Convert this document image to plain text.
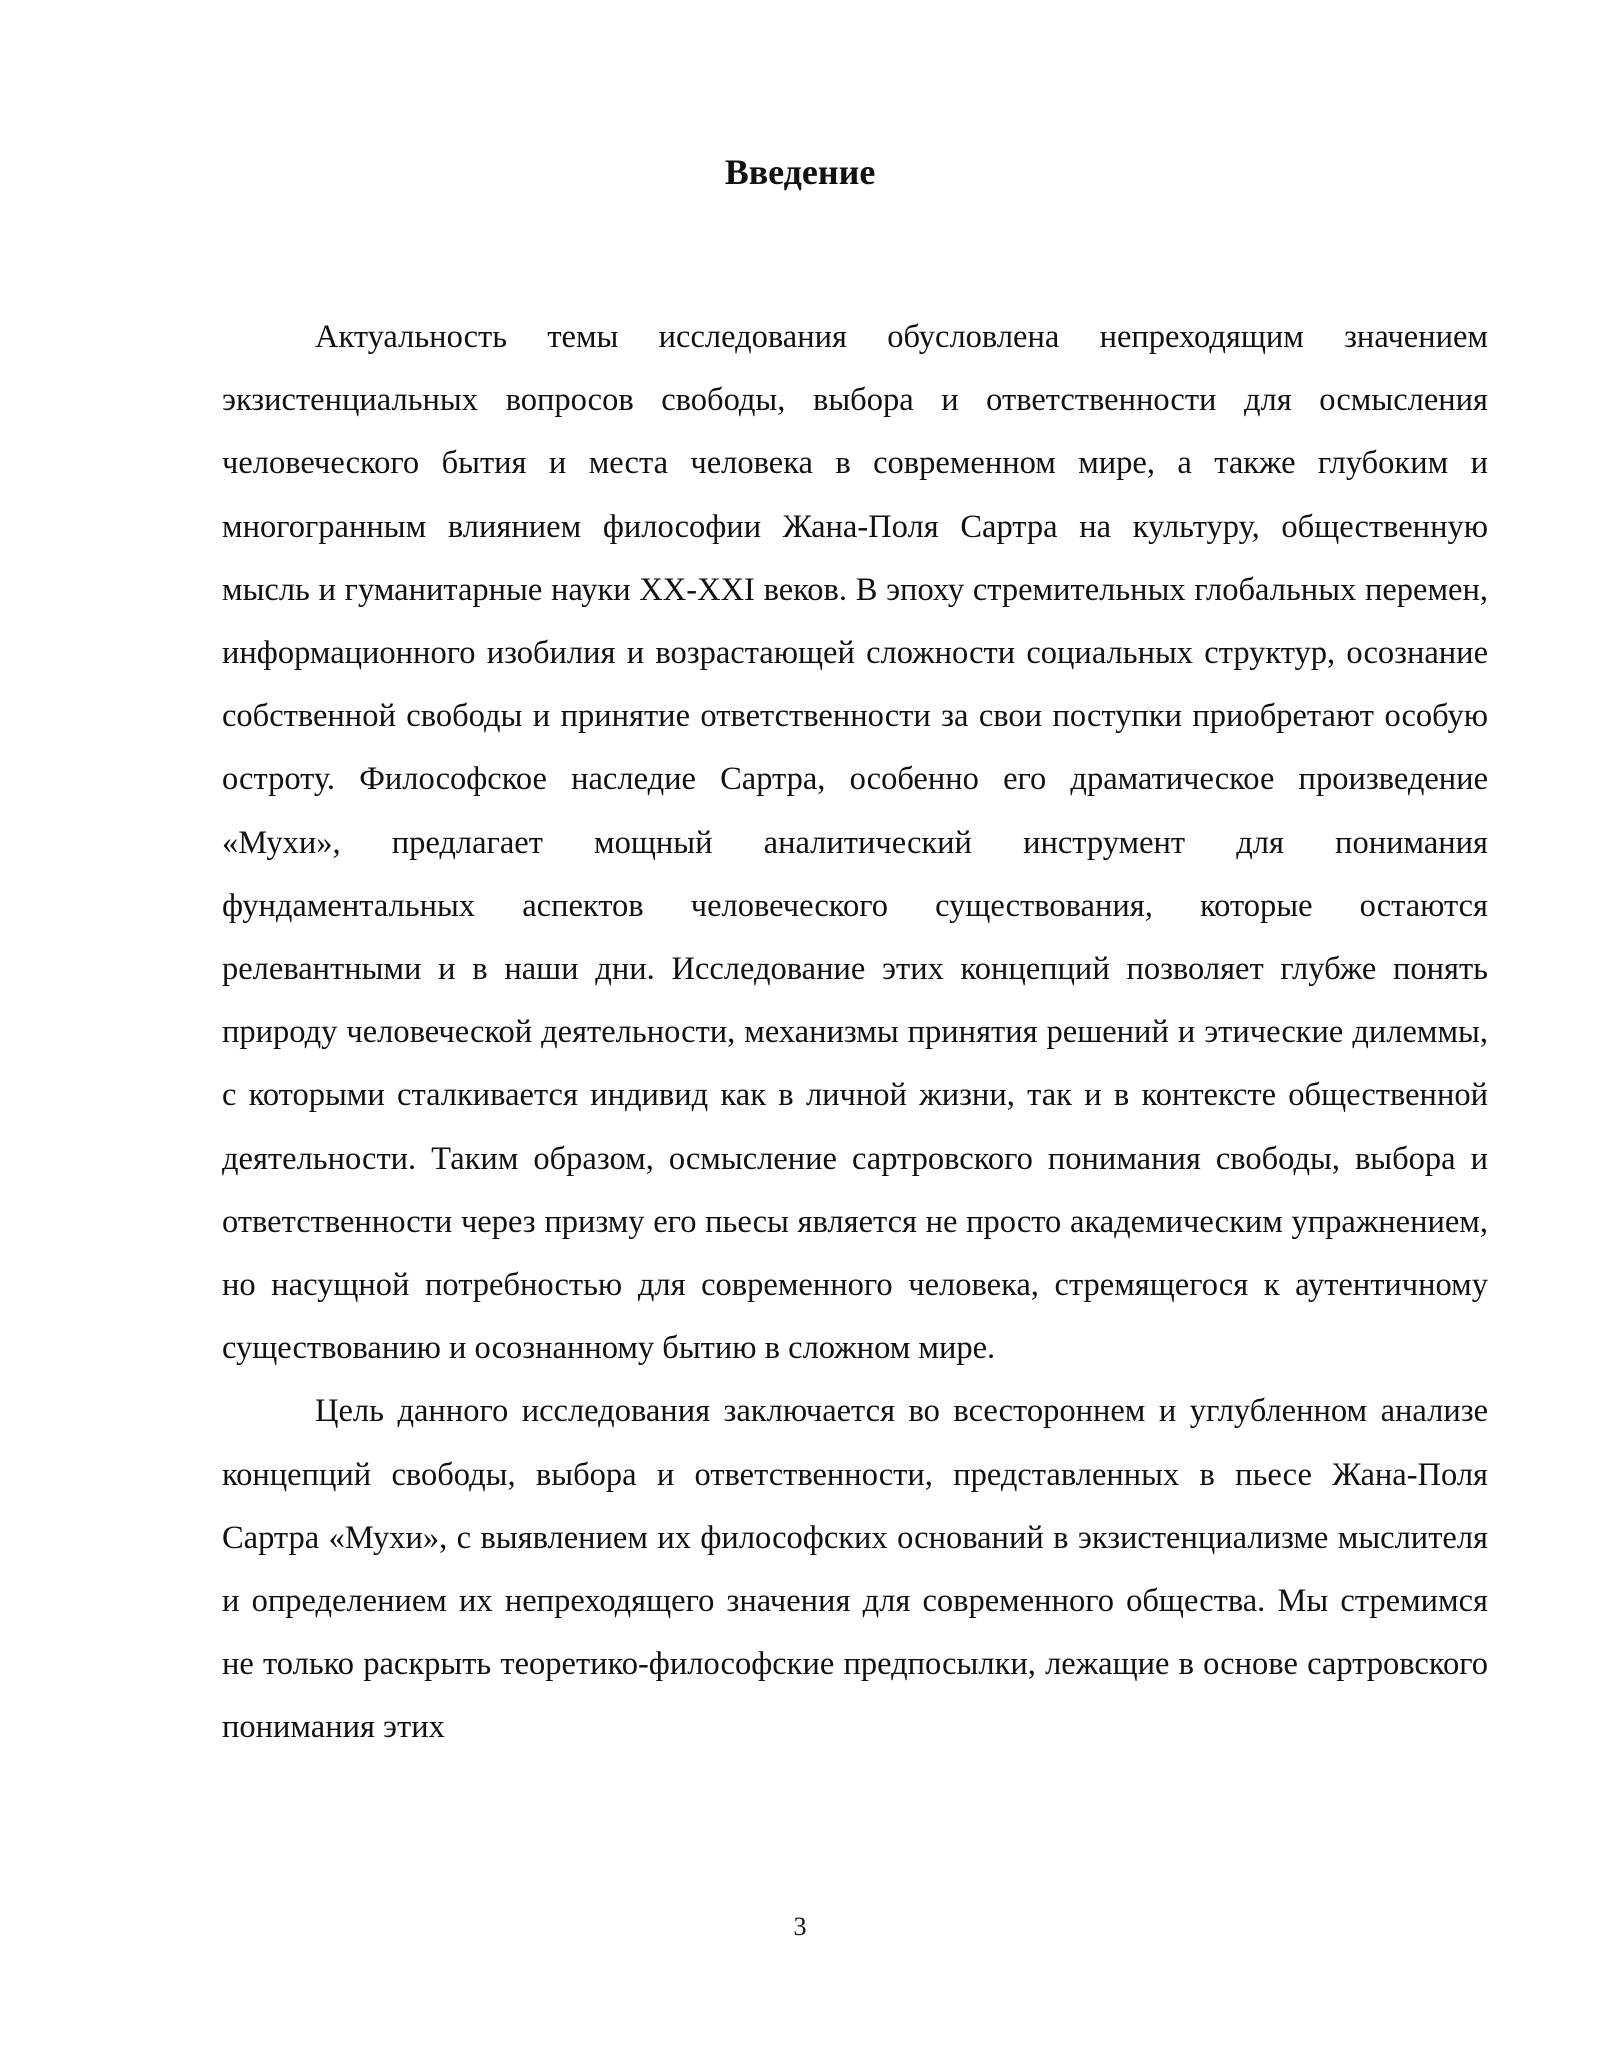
Введение

Актуальность темы исследования обусловлена непреходящим значением экзистенциальных вопросов свободы, выбора и ответственности для осмысления человеческого бытия и места человека в современном мире, а также глубоким и многогранным влиянием философии Жана-Поля Сартра на культуру, общественную мысль и гуманитарные науки XX-XXI веков. В эпоху стремительных глобальных перемен, информационного изобилия и возрастающей сложности социальных структур, осознание собственной свободы и принятие ответственности за свои поступки приобретают особую остроту. Философское наследие Сартра, особенно его драматическое произведение «Мухи», предлагает мощный аналитический инструмент для понимания фундаментальных аспектов человеческого существования, которые остаются релевантными и в наши дни. Исследование этих концепций позволяет глубже понять природу человеческой деятельности, механизмы принятия решений и этические дилеммы, с которыми сталкивается индивид как в личной жизни, так и в контексте общественной деятельности. Таким образом, осмысление сартровского понимания свободы, выбора и ответственности через призму его пьесы является не просто академическим упражнением, но насущной потребностью для современного человека, стремящегося к аутентичному существованию и осознанному бытию в сложном мире.

Цель данного исследования заключается во всестороннем и углубленном анализе концепций свободы, выбора и ответственности, представленных в пьесе Жана-Поля Сартра «Мухи», с выявлением их философских оснований в экзистенциализме мыслителя и определением их непреходящего значения для современного общества. Мы стремимся не только раскрыть теоретико-философские предпосылки, лежащие в основе сартровского понимания этих

3
